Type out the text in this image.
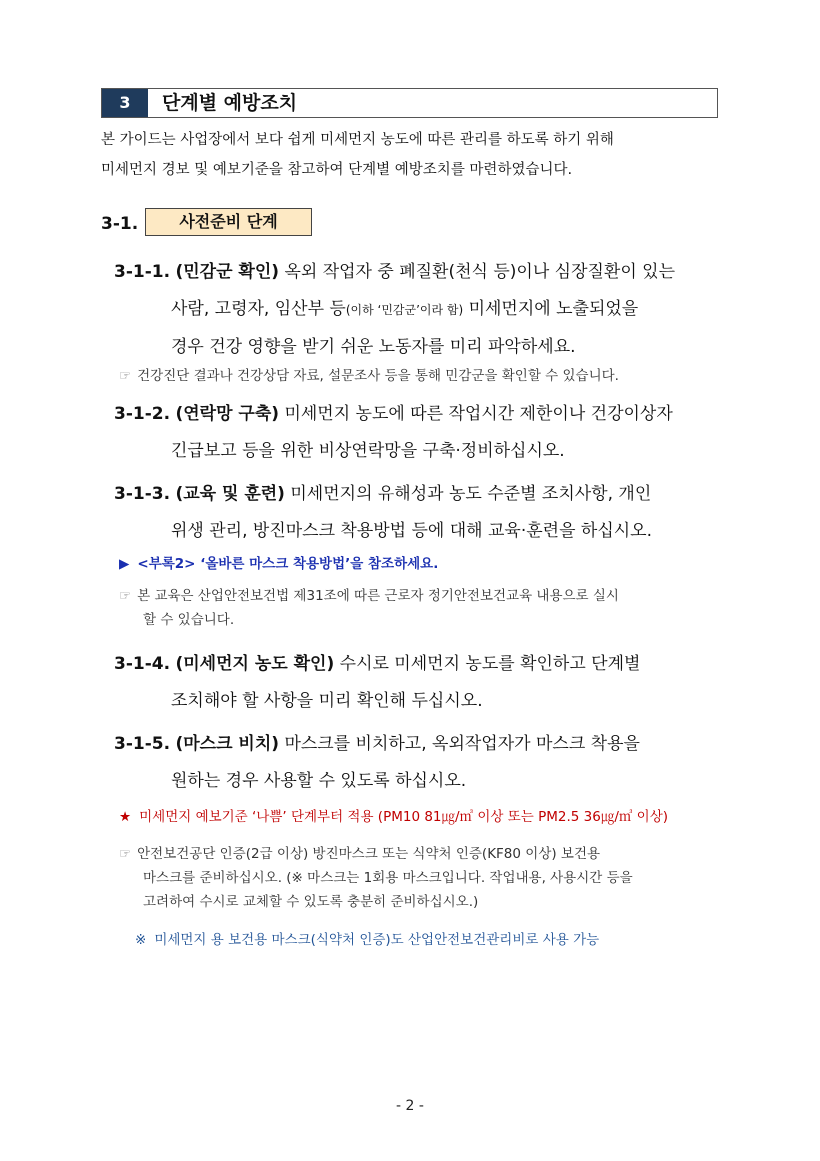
3	단계별 예방조치
본 가이드는 사업장에서 보다 쉽게 미세먼지 농도에 따른 관리를 하도록 하기 위해
미세먼지 경보 및 예보기준을 참고하여 단계별 예방조치를 마련하였습니다.
3-1.	사전준비 단계
3-1-1. (민감군 확인) 옥외 작업자 중 폐질환(천식 등)이나 심장질환이 있는
사람, 고령자, 임산부 등(이하 ‘민감군’이라 함) 미세먼지에 노출되었을
경우 건강 영향을 받기 쉬운 노동자를 미리 파악하세요.
☞ 건강진단 결과나 건강상담 자료, 설문조사 등을 통해 민감군을 확인할 수 있습니다.
3-1-2. (연락망 구축) 미세먼지 농도에 따른 작업시간 제한이나 건강이상자
긴급보고 등을 위한 비상연락망을 구축·정비하십시오.
3-1-3. (교육 및 훈련) 미세먼지의 유해성과 농도 수준별 조치사항, 개인
위생 관리, 방진마스크 착용방법 등에 대해 교육·훈련을 하십시오.
▶ <부록2> ‘올바른 마스크 착용방법’을 참조하세요.
☞ 본 교육은 산업안전보건법 제31조에 따른 근로자 정기안전보건교육 내용으로 실시
할 수 있습니다.
3-1-4. (미세먼지 농도 확인) 수시로 미세먼지 농도를 확인하고 단계별
조치해야 할 사항을 미리 확인해 두십시오.
3-1-5. (마스크 비치) 마스크를 비치하고, 옥외작업자가 마스크 착용을
원하는 경우 사용할 수 있도록 하십시오.
★ 미세먼지 예보기준 ‘나쁨’ 단계부터 적용 (PM10 81㎍/㎥ 이상 또는 PM2.5 36㎍/㎥ 이상)
☞ 안전보건공단 인증(2급 이상) 방진마스크 또는 식약처 인증(KF80 이상) 보건용
마스크를 준비하십시오. (※ 마스크는 1회용 마스크입니다. 작업내용, 사용시간 등을
고려하여 수시로 교체할 수 있도록 충분히 준비하십시오.)
※ 미세먼지 용 보건용 마스크(식약처 인증)도 산업안전보건관리비로 사용 가능
- 2 -
